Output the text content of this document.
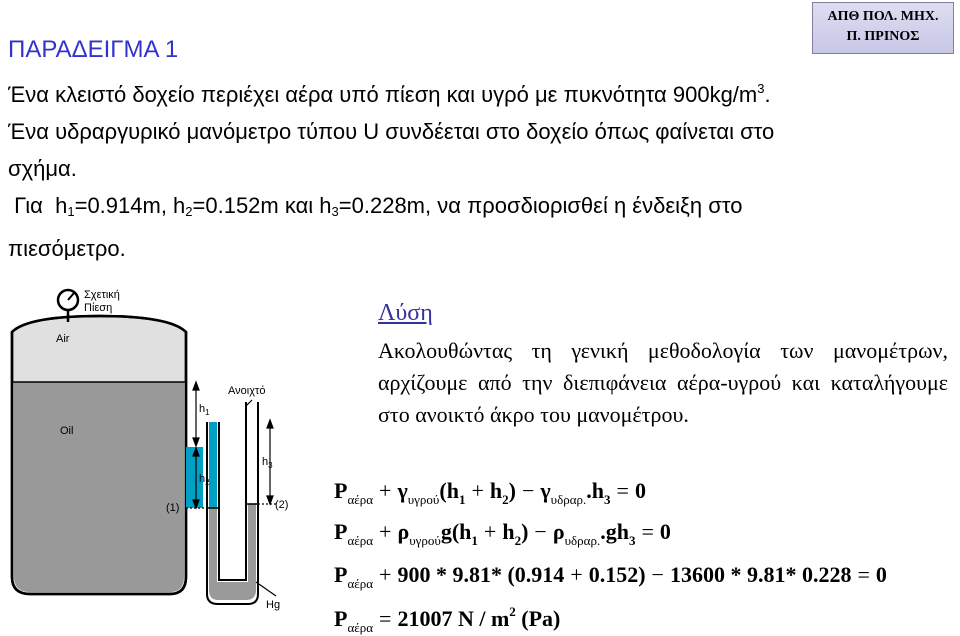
ΑΠΘ ΠΟΛ. ΜΗΧ.
Π. ΠΡΙΝΟΣ
ΠΑΡΑΔΕΙΓΜΑ 1

Ένα κλειστό δοχείο περιέχει αέρα υπό πίεση και υγρό με πυκνότητα $900kg/m^3$.

Ένα υδραργυρικό μανόμετρο τύπου U συνδέεται στο δοχείο όπως φαίνεται στο

σχήμα.

Για  $h_1=0.914m$, $h_2=0.152m$ και $h_3=0.228m$, να προσδιορισθεί η ένδειξη στο

πιεσόμετρο.

Σχετική
Πίεση
Air
Oil
Ανοιχτό
$h_1$
$h_2$
$h_3$
(1)	(2)
Hg
Λύση

Ακολουθώντας τη γενική μεθοδολογία των μανομέτρων, αρχίζουμε από την διεπιφάνεια αέρα-υγρού και καταλήγουμε στο ανοικτό άκρο του μανομέτρου.

$P_{\alpha έ\rho\alpha} + \gamma_{\upsilon\gamma\rho oύ}(h_1 + h_2) - \gamma_{\upsilon\delta\rho\alpha\rho.}.h_3 = 0$
$P_{\alpha έ\rho\alpha} + \rho_{\upsilon\gamma\rho oύ}g(h_1 + h_2) - \rho_{\upsilon\delta\rho\alpha\rho.}.gh_3 = 0$
$P_{\alpha έ\rho\alpha} + 900 * 9.81*$ (0.914 + 0.152) − 13600 * 9.81* 0.228 = 0
$P_{\alpha έ\rho\alpha} = 21007$ N / $m^2$ (Pa)
